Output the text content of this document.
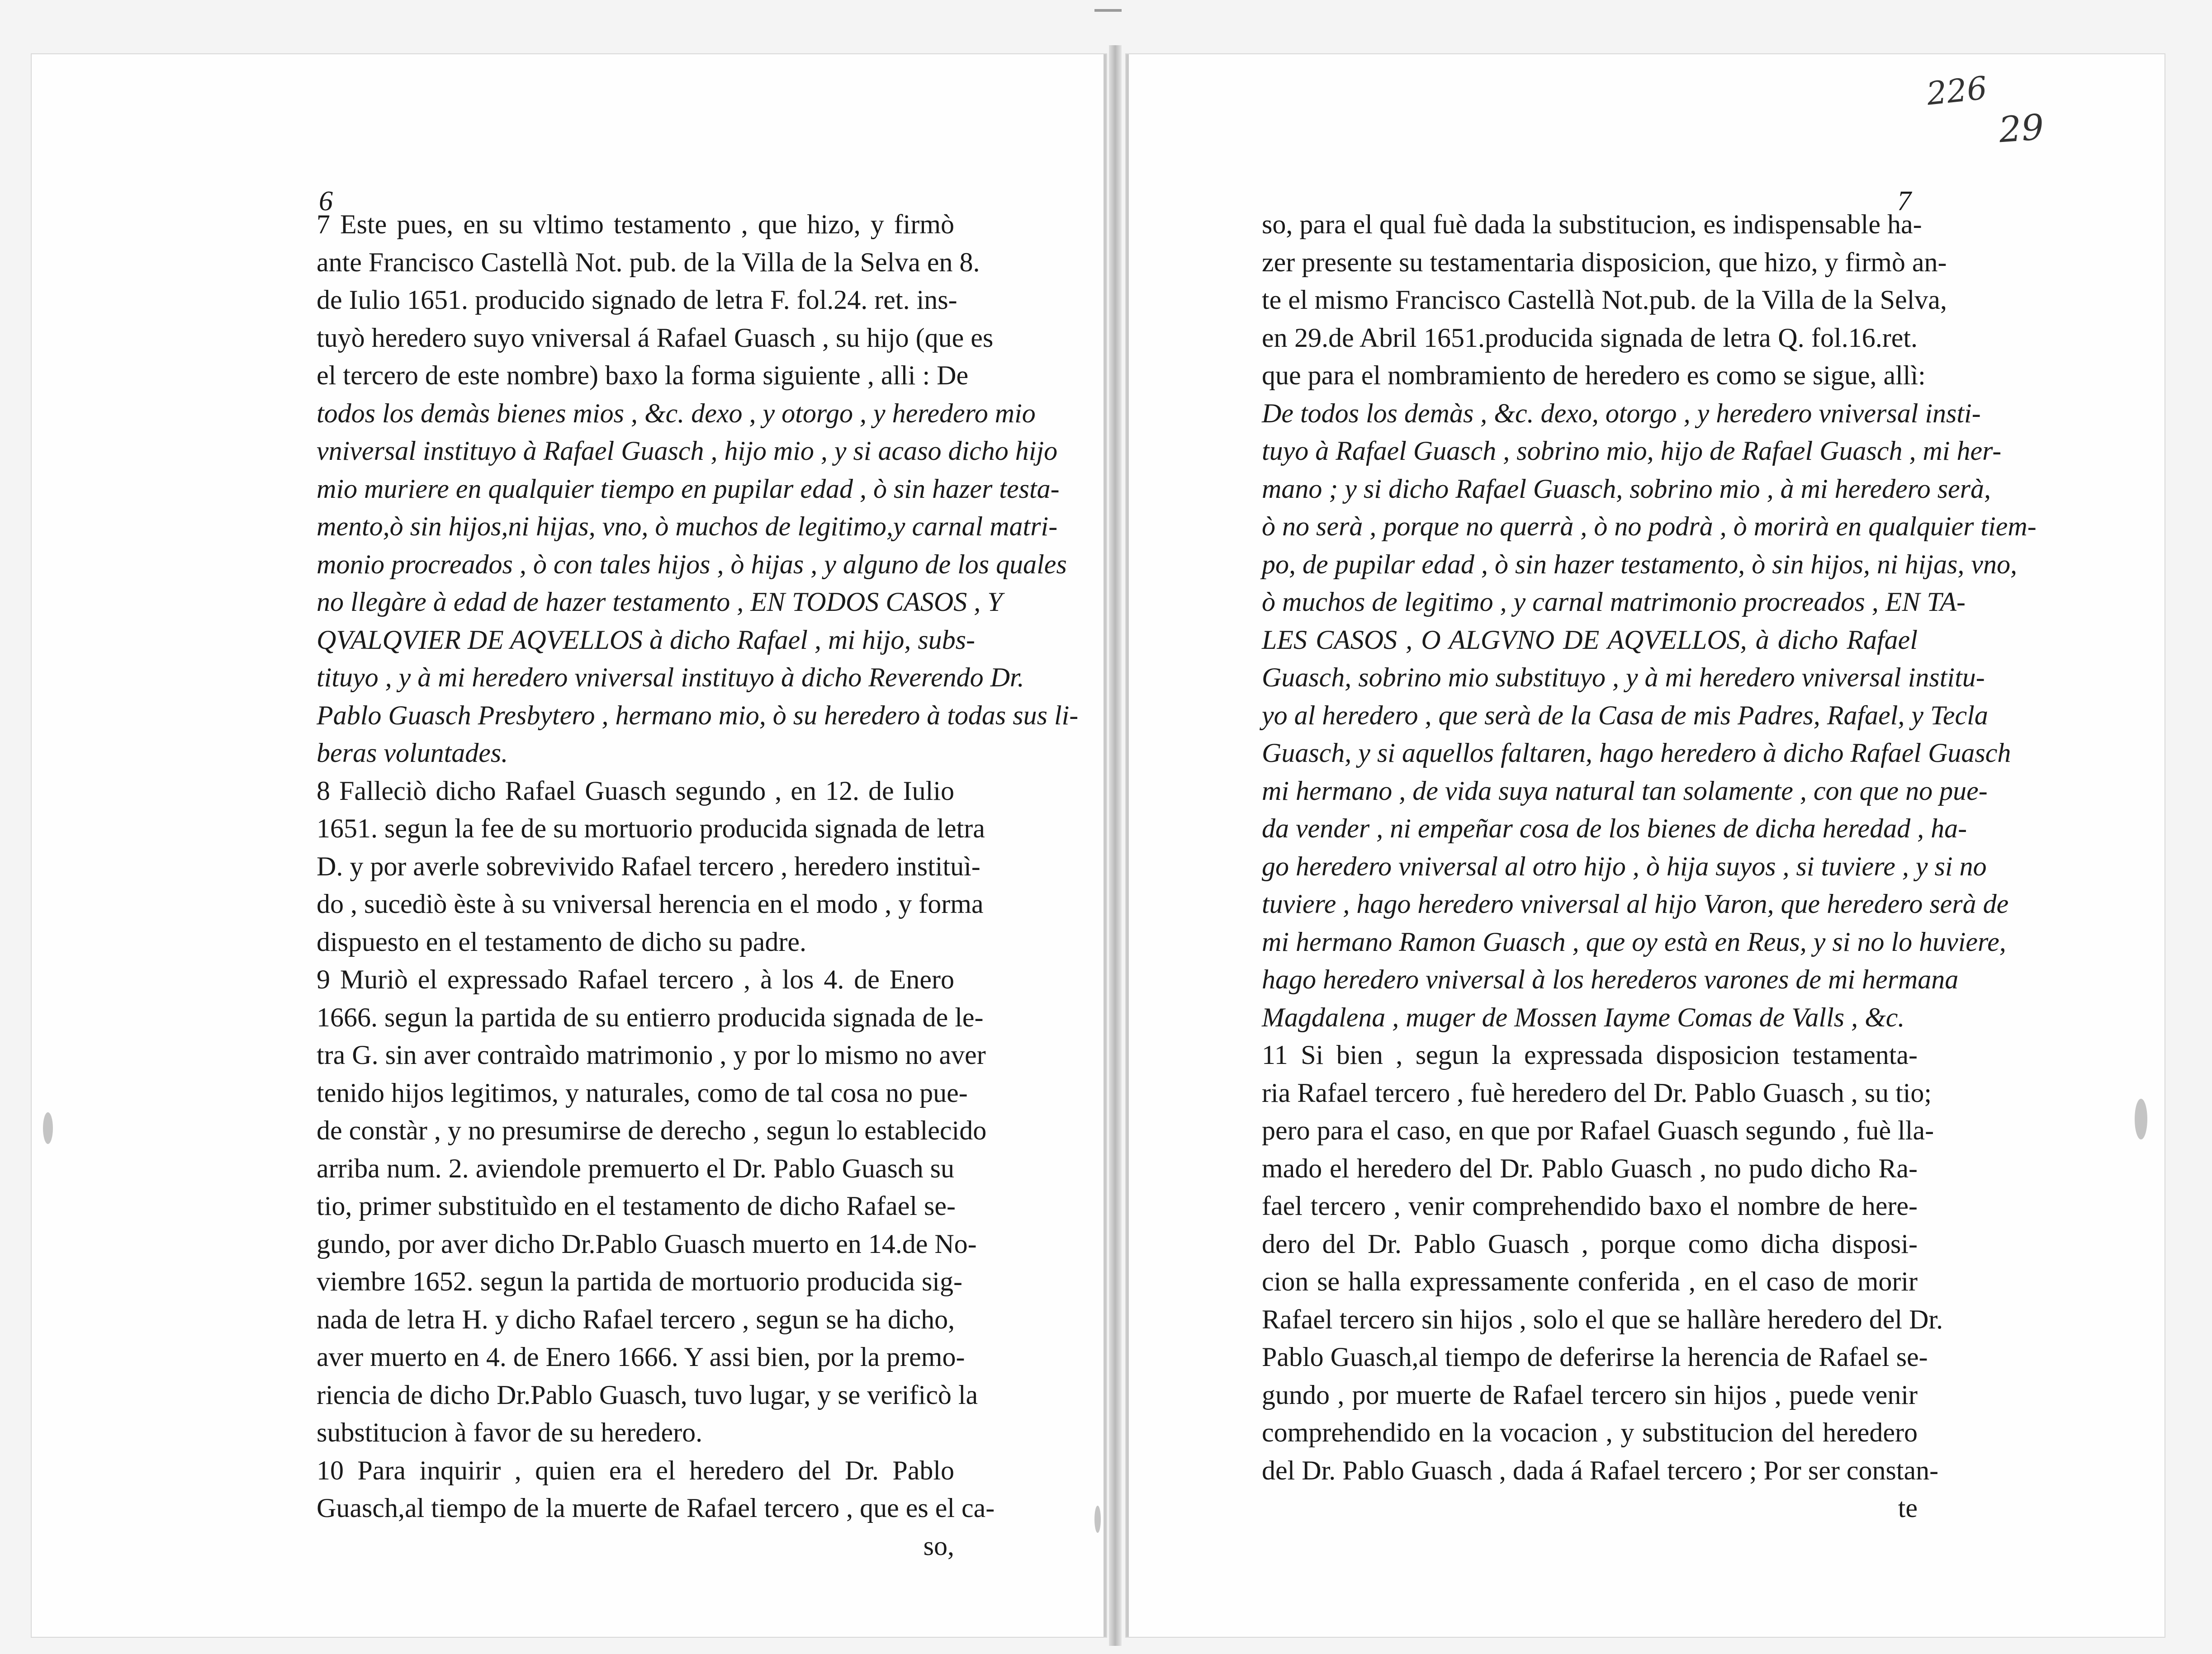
6	7
226
29
7 Este pues, en su vltimo testamento , que hizo, y firmò
ante Francisco Castellà Not. pub. de la Villa de la Selva en 8.
de Iulio 1651. producido signado de letra F. fol.24. ret. ins-
tuyò heredero suyo vniversal á Rafael Guasch , su hijo (que es
el tercero de este nombre) baxo la forma siguiente , alli : De
todos los demàs bienes mios , &c. dexo , y otorgo , y heredero mio
vniversal instituyo à Rafael Guasch , hijo mio , y si acaso dicho hijo
mio muriere en qualquier tiempo en pupilar edad , ò sin hazer testa-
mento,ò sin hijos,ni hijas, vno, ò muchos de legitimo,y carnal matri-
monio procreados , ò con tales hijos , ò hijas , y alguno de los quales
no llegàre à edad de hazer testamento , EN TODOS CASOS , Y
QVALQVIER DE AQVELLOS à dicho Rafael , mi hijo, subs-
tituyo , y à mi heredero vniversal instituyo à dicho Reverendo Dr.
Pablo Guasch Presbytero , hermano mio, ò su heredero à todas sus li-
beras voluntades.
8 Falleciò dicho Rafael Guasch segundo , en 12. de Iulio
1651. segun la fee de su mortuorio producida signada de letra
D. y por averle sobrevivido Rafael tercero , heredero instituì-
do , sucediò èste à su vniversal herencia en el modo , y forma
dispuesto en el testamento de dicho su padre.
9 Muriò el expressado Rafael tercero , à los 4. de Enero
1666. segun la partida de su entierro producida signada de le-
tra G. sin aver contraìdo matrimonio , y por lo mismo no aver
tenido hijos legitimos, y naturales, como de tal cosa no pue-
de constàr , y no presumirse de derecho , segun lo establecido
arriba num. 2. aviendole premuerto el Dr. Pablo Guasch su
tio, primer substituìdo en el testamento de dicho Rafael se-
gundo, por aver dicho Dr.Pablo Guasch muerto en 14.de No-
viembre 1652. segun la partida de mortuorio producida sig-
nada de letra H. y dicho Rafael tercero , segun se ha dicho,
aver muerto en 4. de Enero 1666. Y assi bien, por la premo-
riencia de dicho Dr.Pablo Guasch, tuvo lugar, y se verificò la
substitucion à favor de su heredero.
10 Para inquirir , quien era el heredero del Dr. Pablo
Guasch,al tiempo de la muerte de Rafael tercero , que es el ca-
so,
so, para el qual fuè dada la substitucion, es indispensable ha-
zer presente su testamentaria disposicion, que hizo, y firmò an-
te el mismo Francisco Castellà Not.pub. de la Villa de la Selva,
en 29.de Abril 1651.producida signada de letra Q. fol.16.ret.
que para el nombramiento de heredero es como se sigue, allì:
De todos los demàs , &c. dexo, otorgo , y heredero vniversal insti-
tuyo à Rafael Guasch , sobrino mio, hijo de Rafael Guasch , mi her-
mano ; y si dicho Rafael Guasch, sobrino mio , à mi heredero serà,
ò no serà , porque no querrà , ò no podrà , ò morirà en qualquier tiem-
po, de pupilar edad , ò sin hazer testamento, ò sin hijos, ni hijas, vno,
ò muchos de legitimo , y carnal matrimonio procreados , EN TA-
LES CASOS , O ALGVNO DE AQVELLOS, à dicho Rafael
Guasch, sobrino mio substituyo , y à mi heredero vniversal institu-
yo al heredero , que serà de la Casa de mis Padres, Rafael, y Tecla
Guasch, y si aquellos faltaren, hago heredero à dicho Rafael Guasch
mi hermano , de vida suya natural tan solamente , con que no pue-
da vender , ni empeñar cosa de los bienes de dicha heredad , ha-
go heredero vniversal al otro hijo , ò hija suyos , si tuviere , y si no
tuviere , hago heredero vniversal al hijo Varon, que heredero serà de
mi hermano Ramon Guasch , que oy està en Reus, y si no lo huviere,
hago heredero vniversal à los herederos varones de mi hermana
Magdalena , muger de Mossen Iayme Comas de Valls , &c.
11 Si bien , segun la expressada disposicion testamenta-
ria Rafael tercero , fuè heredero del Dr. Pablo Guasch , su tio;
pero para el caso, en que por Rafael Guasch segundo , fuè lla-
mado el heredero del Dr. Pablo Guasch , no pudo dicho Ra-
fael tercero , venir comprehendido baxo el nombre de here-
dero del Dr. Pablo Guasch , porque como dicha disposi-
cion se halla expressamente conferida , en el caso de morir
Rafael tercero sin hijos , solo el que se hallàre heredero del Dr.
Pablo Guasch,al tiempo de deferirse la herencia de Rafael se-
gundo , por muerte de Rafael tercero sin hijos , puede venir
comprehendido en la vocacion , y substitucion del heredero
del Dr. Pablo Guasch , dada á Rafael tercero ; Por ser constan-
te
